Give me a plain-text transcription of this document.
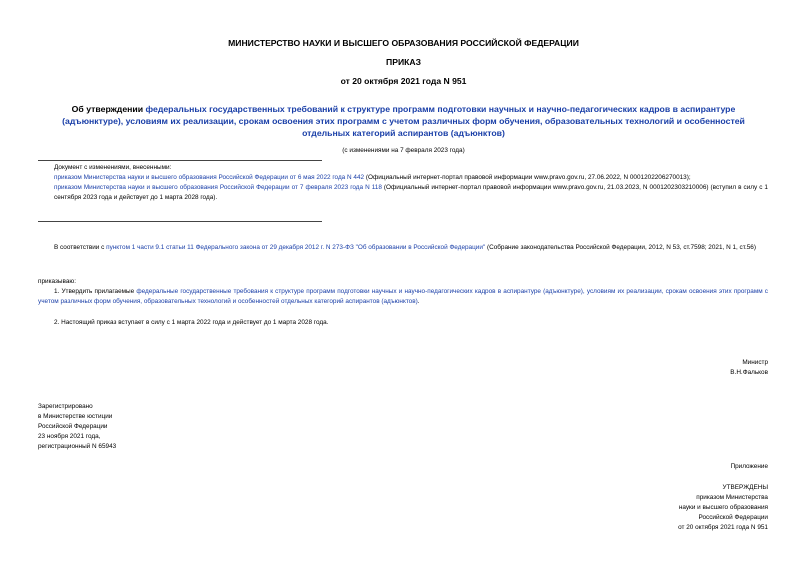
МИНИСТЕРСТВО НАУКИ И ВЫСШЕГО ОБРАЗОВАНИЯ РОССИЙСКОЙ ФЕДЕРАЦИИ
ПРИКАЗ
от 20 октября 2021 года N 951
Об утверждении федеральных государственных требований к структуре программ подготовки научных и научно-педагогических кадров в аспирантуре (адъюнктуре), условиям их реализации, срокам освоения этих программ с учетом различных форм обучения, образовательных технологий и особенностей отдельных категорий аспирантов (адъюнктов)
(с изменениями на 7 февраля 2023 года)
Документ с изменениями, внесенными:
приказом Министерства науки и высшего образования Российской Федерации от 6 мая 2022 года N 442 (Официальный интернет-портал правовой информации www.pravo.gov.ru, 27.06.2022, N 0001202206270013);
приказом Министерства науки и высшего образования Российской Федерации от 7 февраля 2023 года N 118 (Официальный интернет-портал правовой информации www.pravo.gov.ru, 21.03.2023, N 0001202303210006) (вступил в силу с 1 сентября 2023 года и действует до 1 марта 2028 года).
В соответствии с пунктом 1 части 9.1 статьи 11 Федерального закона от 29 декабря 2012 г. N 273-ФЗ "Об образовании в Российской Федерации" (Собрание законодательства Российской Федерации, 2012, N 53, ст.7598; 2021, N 1, ст.56)
приказываю:
1. Утвердить прилагаемые федеральные государственные требования к структуре программ подготовки научных и научно-педагогических кадров в аспирантуре (адъюнктуре), условиям их реализации, срокам освоения этих программ с учетом различных форм обучения, образовательных технологий и особенностей отдельных категорий аспирантов (адъюнктов).
2. Настоящий приказ вступает в силу с 1 марта 2022 года и действует до 1 марта 2028 года.
Министр
В.Н.Фальков
Зарегистрировано
в Министерстве юстиции
Российской Федерации
23 ноября 2021 года,
регистрационный N 65943
Приложение
УТВЕРЖДЕНЫ
приказом Министерства
науки и высшего образования
Российской Федерации
от 20 октября 2021 года N 951
